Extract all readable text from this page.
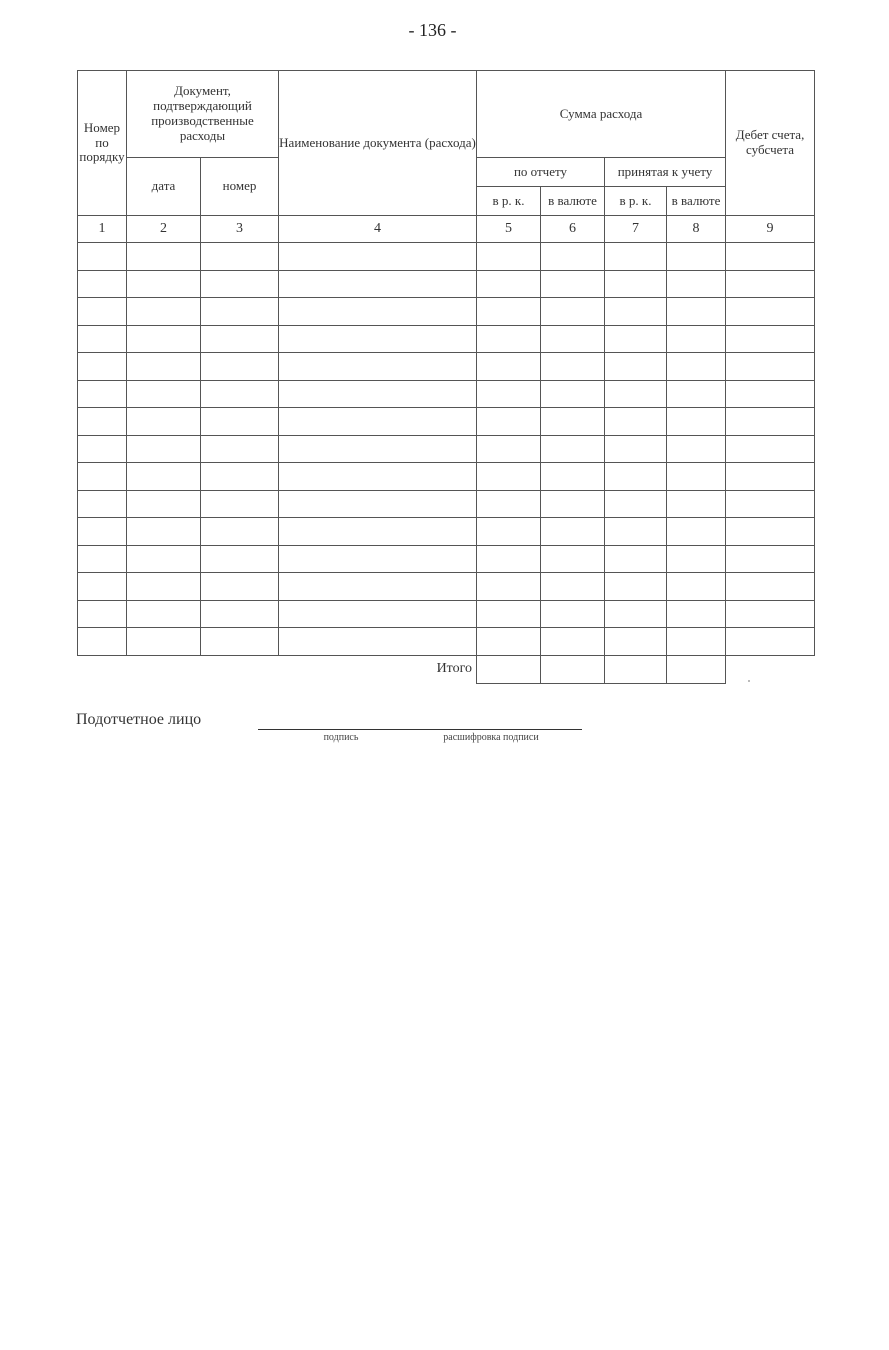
- 136 -
Номер по порядку	Документ, подтверждающий производственные расходы		Наименование документа (расхода)	Сумма расхода				Дебет счета, субсчета
	дата	номер		по отчету		принятая к учету		
				в р. к.	в валюте	в р. к.	в валюте	
1	2	3	4	5	6	7	8	9

Итого								
Подотчетное лицо
подпись	расшифровка подписи
